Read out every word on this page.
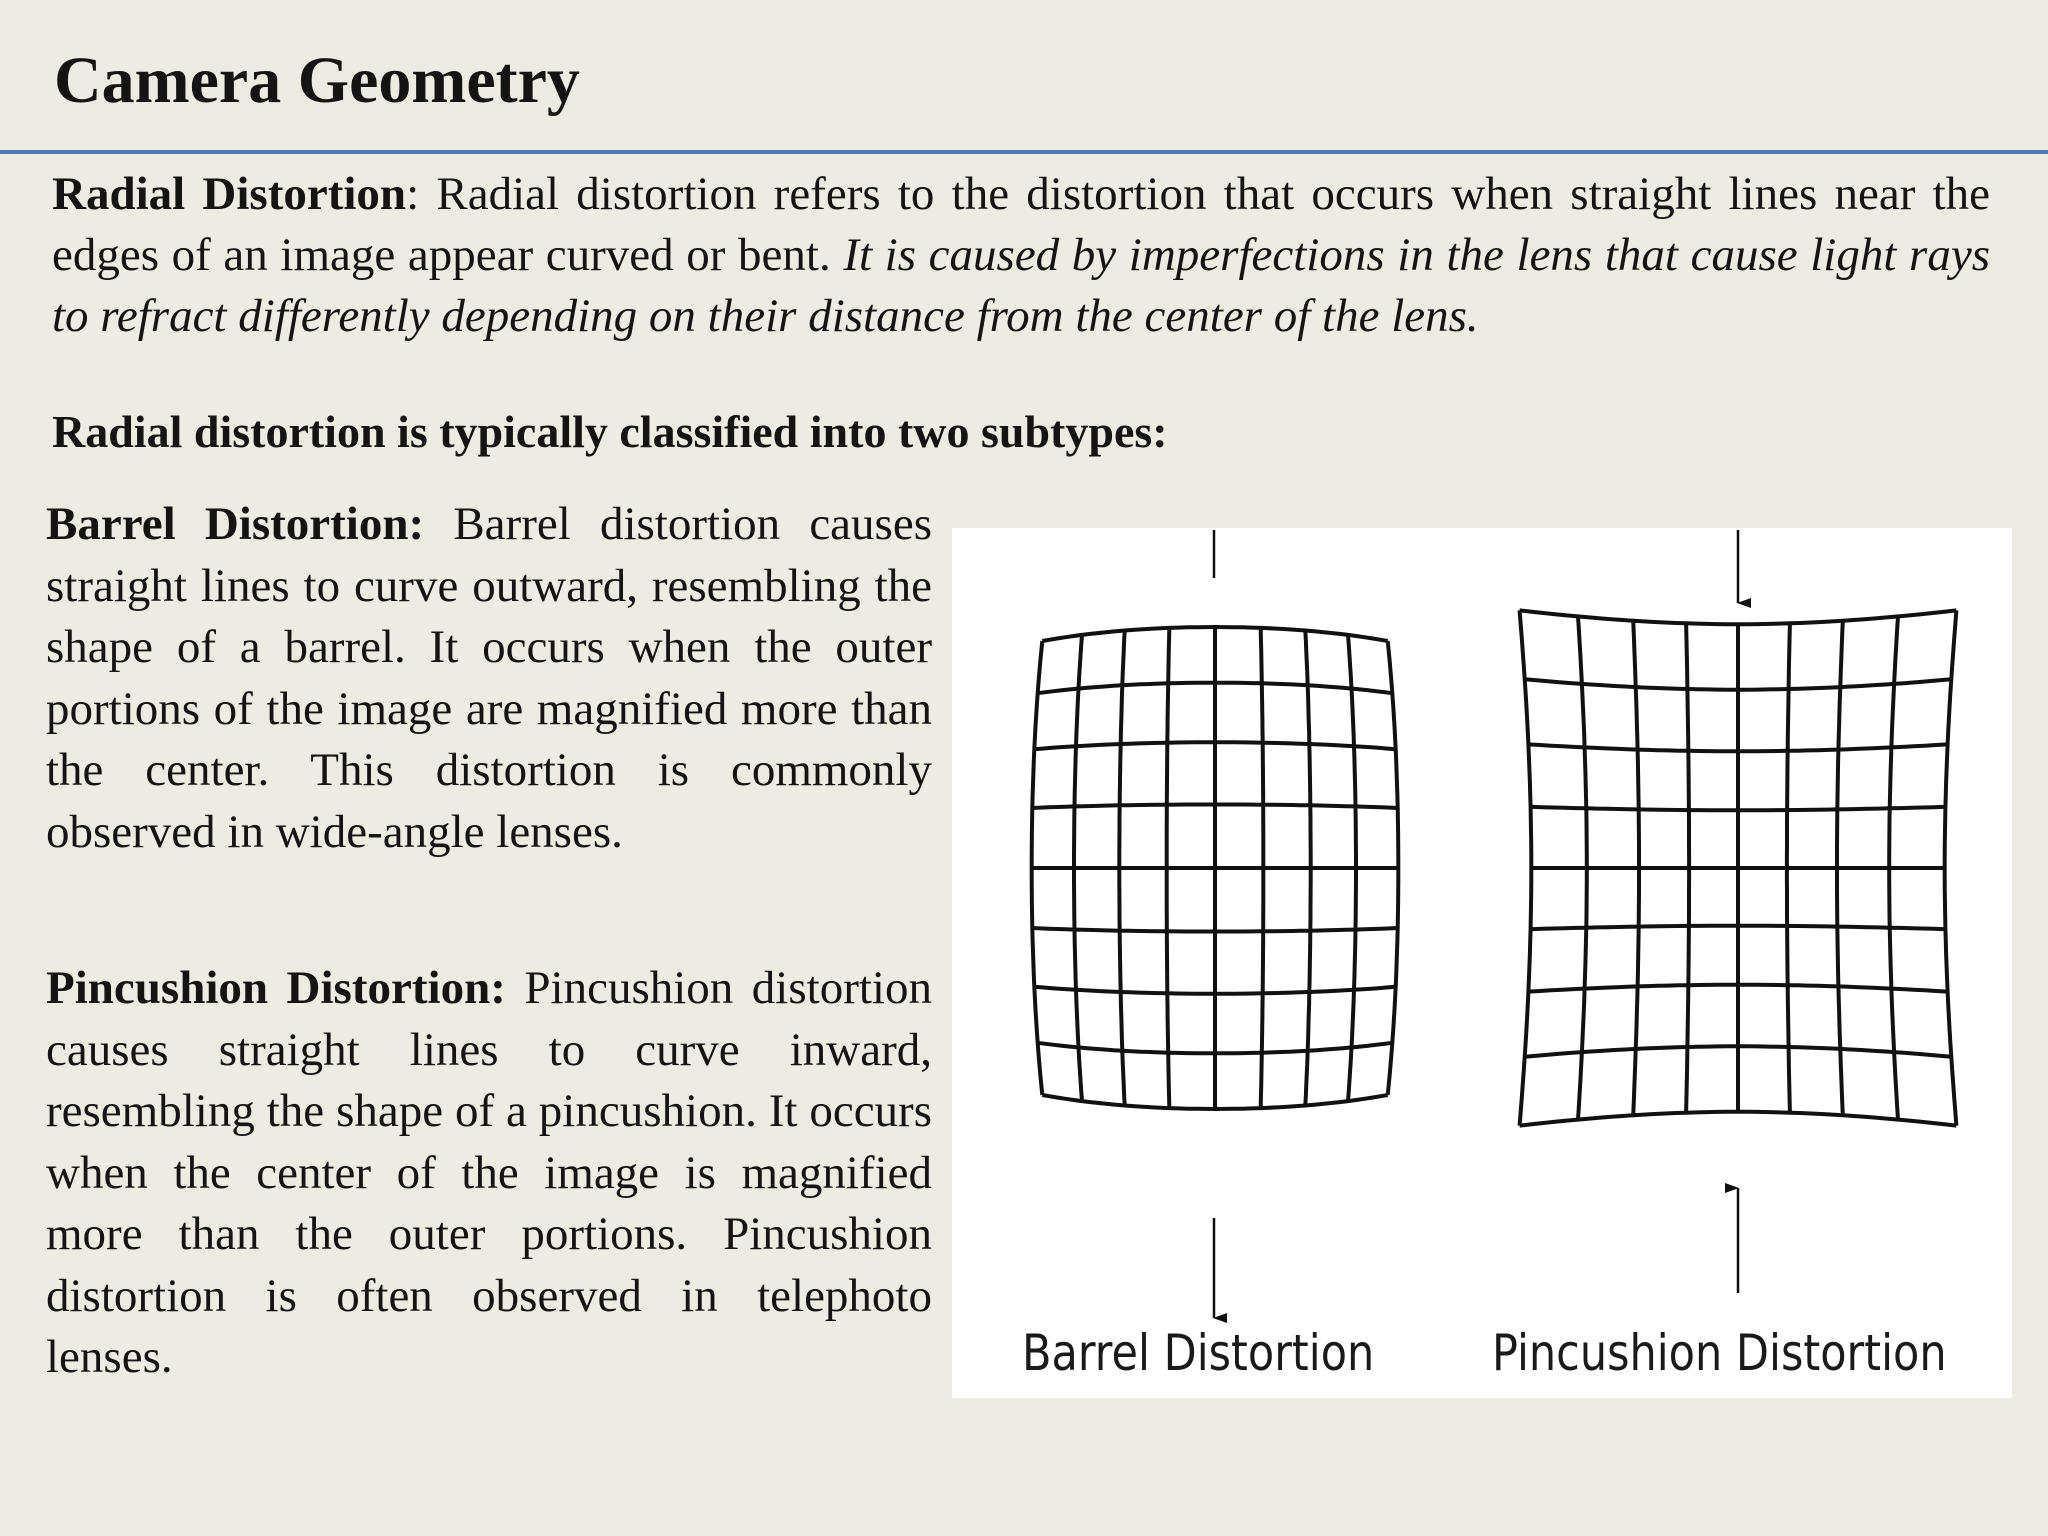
Camera Geometry

Radial Distortion: Radial distortion refers to the distortion that occurs when straight lines near the edges of an image appear curved or bent. It is caused by imperfections in the lens that cause light rays to refract differently depending on their distance from the center of the lens.

Radial distortion is typically classified into two subtypes:

Barrel Distortion: Barrel distortion causes straight lines to curve outward, resembling the shape of a barrel. It occurs when the outer portions of the image are magnified more than the center. This distortion is commonly observed in wide-angle lenses.

Pincushion Distortion: Pincushion distortion causes straight lines to curve inward, resembling the shape of a pincushion. It occurs when the center of the image is magnified more than the outer portions. Pincushion distortion is often observed in telephoto lenses.	Barrel Distortion Pincushion Distortion
